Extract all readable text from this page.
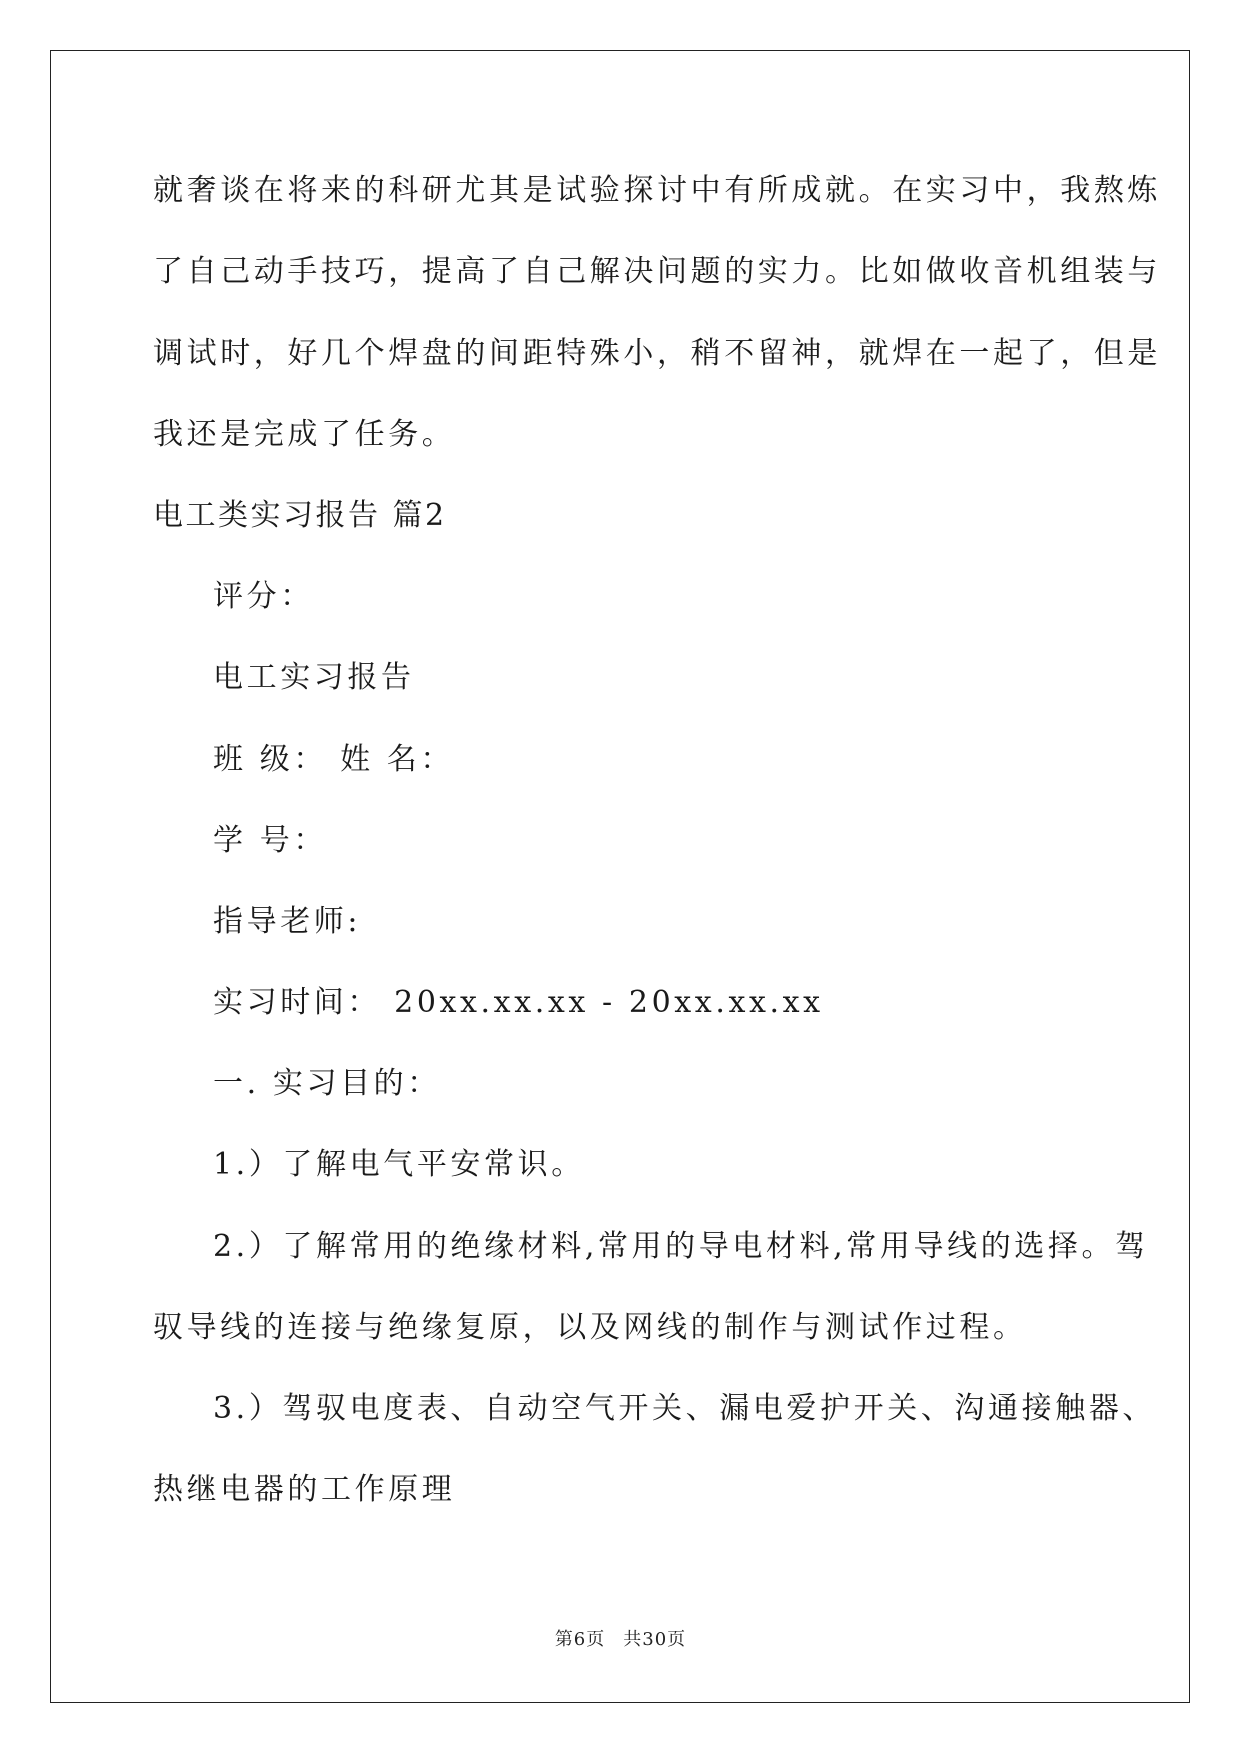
就奢谈在将来的科研尤其是试验探讨中有所成就。在实习中，我熬炼
了自己动手技巧，提高了自己解决问题的实力。比如做收音机组装与
调试时，好几个焊盘的间距特殊小，稍不留神，就焊在一起了，但是
我还是完成了任务。
电工类实习报告 篇2
评分：
电工实习报告
班 级： 姓 名：
学 号：
指导老师:
实习时间： 20xx.xx.xx - 20xx.xx.xx
一. 实习目的：
1.）了解电气平安常识。
2.）了解常用的绝缘材料,常用的导电材料,常用导线的选择。驾
驭导线的连接与绝缘复原，以及网线的制作与测试作过程。
3.）驾驭电度表、自动空气开关、漏电爱护开关、沟通接触器、
热继电器的工作原理
第6页 共30页
